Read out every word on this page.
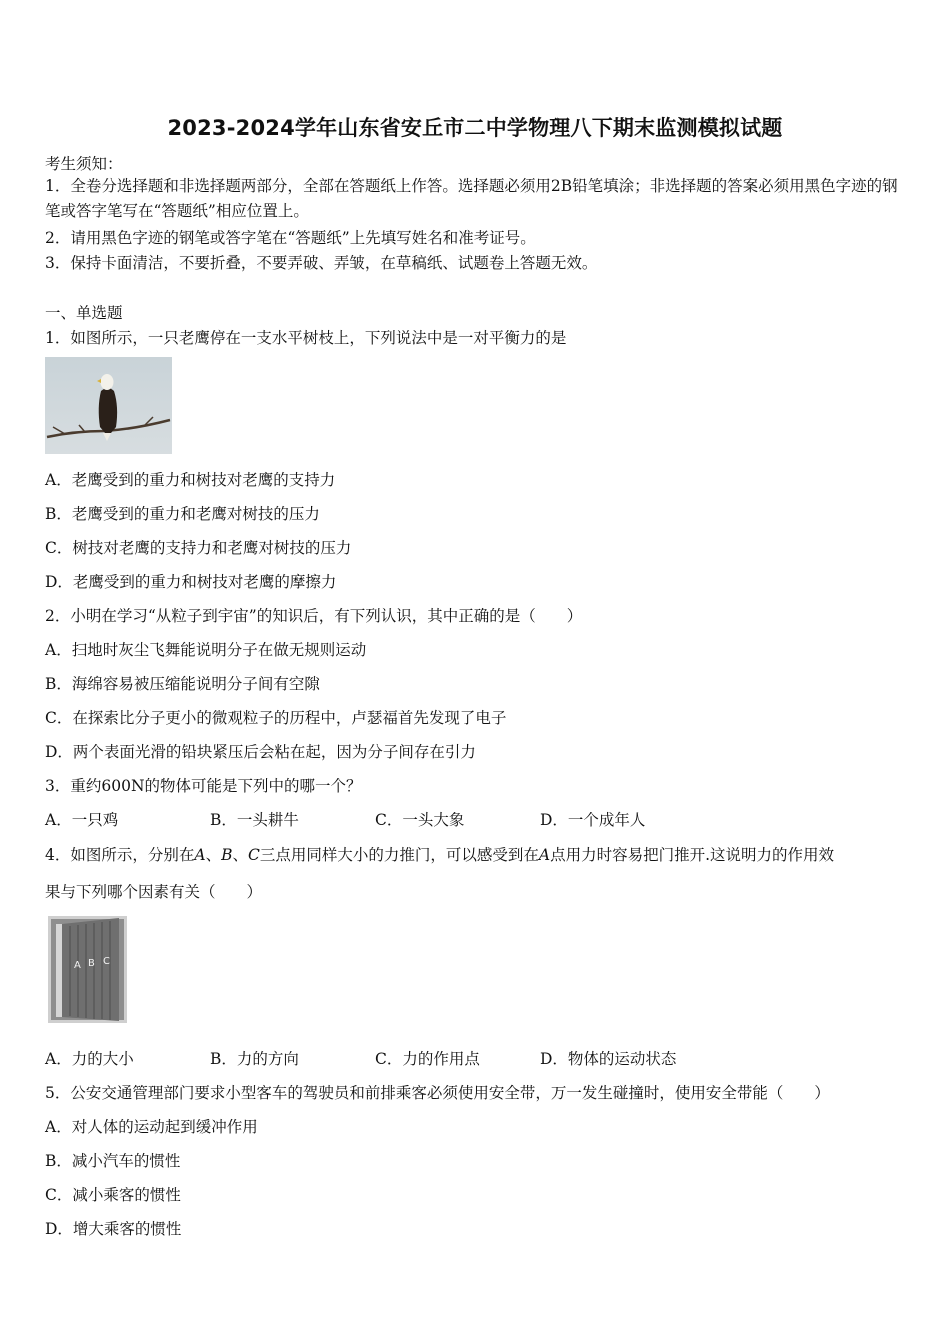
2023-2024学年山东省安丘市二中学物理八下期末监测模拟试题
考生须知：
1．全卷分选择题和非选择题两部分，全部在答题纸上作答。选择题必须用2B铅笔填涂；非选择题的答案必须用黑色字迹的钢笔或答字笔写在“答题纸”相应位置上。
2．请用黑色字迹的钢笔或答字笔在“答题纸”上先填写姓名和准考证号。
3．保持卡面清洁，不要折叠，不要弄破、弄皱，在草稿纸、试题卷上答题无效。
一、单选题
1．如图所示，一只老鹰停在一支水平树枝上，下列说法中是一对平衡力的是
A．老鹰受到的重力和树技对老鹰的支持力
B．老鹰受到的重力和老鹰对树技的压力
C．树技对老鹰的支持力和老鹰对树技的压力
D．老鹰受到的重力和树技对老鹰的摩擦力
2．小明在学习“从粒子到宇宙”的知识后，有下列认识，其中正确的是（　　）
A．扫地时灰尘飞舞能说明分子在做无规则运动
B．海绵容易被压缩能说明分子间有空隙
C．在探索比分子更小的微观粒子的历程中，卢瑟福首先发现了电子
D．两个表面光滑的铅块紧压后会粘在起，因为分子间存在引力
3．重约600N的物体可能是下列中的哪一个？
A．一只鸡	B．一头耕牛	C．一头大象	D．一个成年人
4．如图所示，分别在A、B、C三点用同样大小的力推门，可以感受到在A点用力时容易把门推开.这说明力的作用效
果与下列哪个因素有关（　　）
A B C
A．力的大小	B．力的方向	C．力的作用点	D．物体的运动状态
5．公安交通管理部门要求小型客车的驾驶员和前排乘客必须使用安全带，万一发生碰撞时，使用安全带能（　　）
A．对人体的运动起到缓冲作用
B．减小汽车的惯性
C．减小乘客的惯性
D．增大乘客的惯性
